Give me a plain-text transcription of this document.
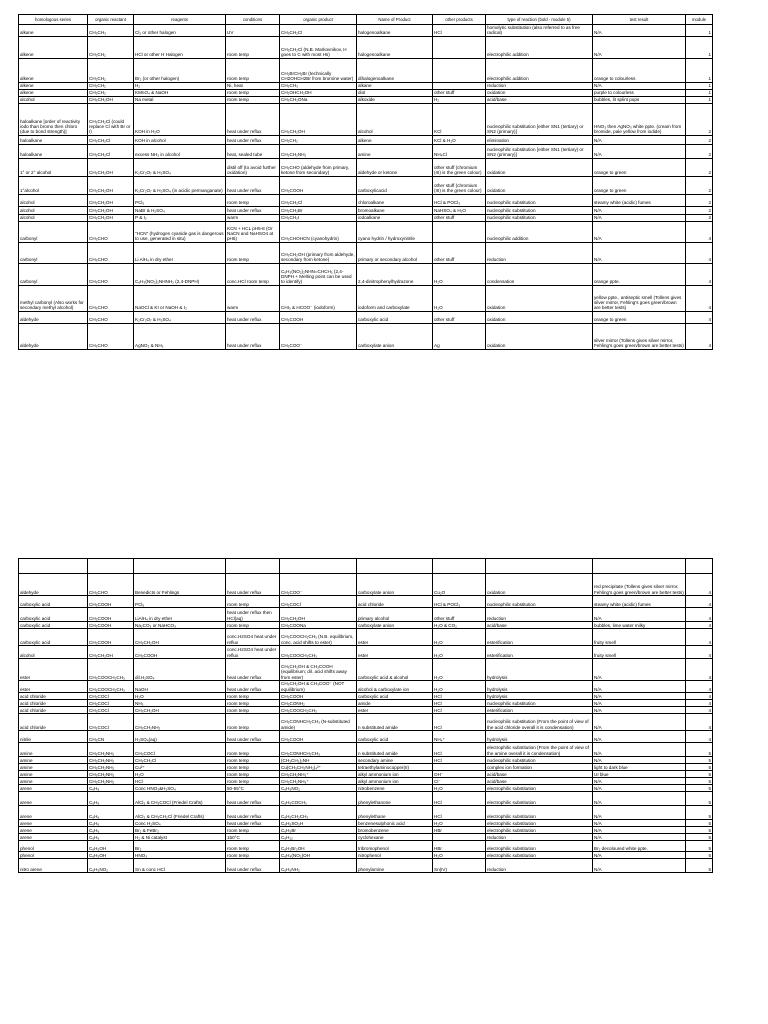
homologous series	organic reactant	reagents	conditions	organic product	Name of Product	other products	type of reaction (bold - module 5)	test result	module
alkane	CH₃CH₃	Cl₂ or other halogen	UV	CH₃CH₂Cl	halogenoalkane	HCl	homolytic substitution (also referred to as free radical)	N/A	1
alkene	CH₂CH₂	HCl or other H Halogen	room temp	CH₃CH₂Cl (N.B. Markovnikov, H goes to C with most Hs)	halogenoalkane		electrophilic addition	N/A	1
alkene	CH₂CH₂	Br₂ (or other halogen)	room temp	CH₂BrCH₂Br (technically CH2OHCH2Br from bromine water)	dihalogenoalkane		electrophilic addition	orange to colourless	1
alkene	CH₂CH₂	H₂	Ni, heat	CH₃CH₃	alkane		reduction	N/A	1
alkene	CH₂CH₂	KMnO₄ & NaOH	room temp	CH₂OHCH₂OH	diol	other stuff	oxidation	purple to colourless	1
alcohol	CH₃CH₂OH	Na metal	room temp	CH₃CH₂ONa	alkoxide	H₂	acid/base	bubbles, lit splint pops	1
haloalkane [order of reactivity iodo than bromo then chloro (due to bond strength)]	CH₃CH₂Cl (could replace Cl with Br or I)	KOH in H₂O	heat under reflux	CH₃CH₂OH	alcohol	KCl	nucleophilic substitution [either SN1 (tertiary) or SN2 (primary)]	HNO₃ then AgNO₃ white ppte. (cream from bromide, pale yellow from iodide)	2
haloalkane	CH₃CH₂Cl	KOH in alcohol	heat under reflux	CH₂CH₂	alkene	KCl & H₂O	elimination	N/A	2
haloalkane	CH₃CH₂Cl	excess NH₃ in alcohol	heat, sealed tube	CH₃CH₂NH₂	amine	NH₄Cl	nucleophilic substitution [either SN1 (tertiary) or SN2 (primary)]	N/A	2
1° or 2° alcohol	CH₃CH₂OH	K₂Cr₂O₇ & H₂SO₄	distil off (to avoid further oxidation)	CH₃CHO (aldehyde from primary, ketone from secondary)	aldehyde or ketone	other stuff (chromium (III) is the green colour)	oxidation	orange to green	2
1°alcohol	CH₃CH₂OH	K₂Cr₂O₇ & H₂SO₄ (in acidic permanganate)	heat under reflux	CH₃COOH	carboxylicacid	other stuff (chromium (III) is the green colour)	oxidation	orange to green	2
alcohol	CH₃CH₂OH	PCl₅	room temp	CH₃CH₂Cl	chloroalkane	HCl & POCl₃	nucleophilic substitution	steamy white (acidic) fumes	2
alcohol	CH₃CH₂OH	NaBr & H₂SO₄	heat under reflux	CH₃CH₂Br	bromoalkane	NaHSO₄ & H₂O	nucleophilic substitution	N/A	2
alcohol	CH₃CH₂OH	P & I₂	warm	CH₃CH₂I	iodoalkane	other stuff	nucleophilic substitution	N/A	2
carbonyl	CH₃CHO	"HCN" (hydrogen cyanide gas is dangerous to use, generated in situ)	KCN + HCL pH5-8 (Or NaCN and NaHSO4 at pH5)	CH₃CHOHCN (cyanohydrin)	cyano hydrin / hydroxynitrile		nucleophilic addition	N/A	4
carbonyl	CH₃CHO	Li AlH₄ in dry ether	room temp	CH₃CH₂OH (primary from aldehyde, secondary from ketone)	primary or secondary alcohol	other stuff	reduction	N/A	4
carbonyl	CH₃CHO	C₆H₃(NO₂)₂NHNH₂ (2,4-DNPH)	conc.HCl room temp	C₆H₃(NO₂)₂NHN=CHCH₃ (2,4-DNPH + Melting point can be used to identify)	2,4-dinitrophenylhydrazone	H₂O	condensation	orange ppte.	4
methyl carbonyl (Also works for secondary methyl alcohol)	CH₃CHO	NaOCl & KI or NaOH & I₂	warm	CHI₃ & HCOO⁻ (iodoform)	iodoform and carboxylate	H₂O	oxidation	yellow ppte., antiseptic smell (Tollens gives silver mirror, Fehling's goes green/brown are better tests)	4
aldehyde	CH₃CHO	K₂Cr₂O₇ & H₂SO₄	heat under reflux	CH₃COOH	carboxylic acid	other stuff	oxidation	orange to green	4
aldehyde	CH₃CHO	AgNO₃ & NH₃	heat under reflux	CH₃COO⁻	carboxylate anion	Ag	oxidation	silver mirror (Tollens gives silver mirror, Fehling's goes green/brown are better tests)	4

aldehyde	CH₃CHO	Benedicts or Fehlings	heat under reflux	CH₃COO⁻	carboxylate anion	Cu₂O	oxidation	red precipitate (Tollens gives silver mirror, Fehling's goes green/brown are better tests)	4
carboxylic acid	CH₃COOH	PCl₅	room temp	CH₃COCl	acid chloride	HCl & POCl₃	nucleophilic substitution	steamy white (acidic) fumes	4
carboxylic acid	CH₃COOH	LiAlH₄ in dry ether	heat under reflux then HCl(aq)	CH₃CH₂OH	primary alcohol	other stuff	reduction	N/A	4
carboxylic acid	CH₃COOH	Na₂CO₃ or NaHCO₃	room temp	CH₃COONa	carboxylate anion	H₂O & CO₂	acid/base	bubbles, lime water milky	4
carboxylic acid	CH₃COOH	CH₃CH₂OH	conc.H2SO4 heat under reflux	CH₃COOCH₂CH₃ (N.B. equilibrium, conc. acid shifts to ester)	ester	H₂O	esterification	fruity smell	4
alcohol	CH₃CH₂OH	CH₃COOH	conc.H2SO4 heat under reflux	CH₃COOCH₂CH₃	ester	H₂O	esterification	fruity smell	4
ester	CH₃COOCH₂CH₃	dil.H₂SO₄	heat under reflux	CH₃CH₂OH & CH₃COOH (equilibrium; dil. acid shifts away from ester)	carboxylic acid & alcohol	H₂O	hydrolysis	N/A	4
ester	CH₃COOCH₂CH₃	NaOH	heat under reflux	CH₃CH₂OH & CH₃COO⁻ (NOT equilibrium)	alcohol & carboxylate ion	H₂O	hydrolysis	N/A	4
acid chloride	CH₃COCl	H₂O	room temp	CH₃COOH	carboxylic acid	HCl	hydrolysis	N/A	4
acid chloride	CH₃COCl	NH₃	room temp	CH₃CONH₂	amide	HCl	nucleophilic substitution	N/A	4
acid chloride	CH₃COCl	CH₃CH₂OH	room temp	CH₃COOCH₂CH₃	ester	HCl	esterification	N/A	4
acid chloride	CH₃COCl	CH₃CH₂NH₂	room temp	CH₃CONHCH₂CH₃ (N-substituted amide)	n substituted amide	HCl	nucleophilic substitution (From the point of view of the acid chloride overall it is condensation)	N/A	4
nitrile	CH₃CN	H₂SO₄(aq)	heat under reflux	CH₃COOH	carboxylic acid	NH₄⁺	hydrolysis	N/A	4
amine	CH₃CH₂NH₂	CH₃COCl	room temp	CH₃CONHCH₂CH₃	n substituted amide	HCl	electrophilic substitution (From the point of view of the amine overall it is condensation)	N/A	5
amine	CH₃CH₂NH₂	CH₃CH₂Cl	room temp	(CH₃CH₂)₂NH	secondary amine	HCl	nucleophilic substitution	N/A	5
amine	CH₃CH₂NH₂	Cu²⁺	room temp	Cu(CH₃CH₂NH₂)₄²⁺	tetraethylaminocopper(II)		complex ion formation	light to dark blue	5
amine	CH₃CH₂NH₂	H₂O	room temp	CH₃CH₂NH₃⁺	alkyl ammonium ion	OH⁻	acid/base	UI blue	5
amine	CH₃CH₂NH₂	HCl	room temp	CH₃CH₂NH₃⁺	alkyl ammonium ion	Cl⁻	acid/base	N/A	5
arene	C₆H₆	Conc HNO₃&H₂SO₄	50-55°C	C₆H₅NO₂	nitrobenzene	H₂O	electrophilic substitution	N/A	5
arene	C₆H₆	AlCl₃ & CH₃COCl (Friedel Crafts)	heat under reflux	C₆H₅COCH₃	phenylethanone	HCl	electrophilic substitution	N/A	5
arene	C₆H₆	AlCl₃ & CH₃CH₂Cl (Friedel Crafts)	heat under reflux	C₆H₅CH₂CH₃	phenylethane	HCl	electrophilic substitution	N/A	5
arene	C₆H₆	Conc H₂SO₄	heat under reflux	C₆H₅SO₃H	benzenesulphonic acid	H₂O	electrophilic substitution	N/A	5
arene	C₆H₆	Br₂ & FeBr₃	room temp	C₆H₅Br	bromobenzene	HBr	electrophilic substitution	N/A	5
arene	C₆H₆	H₂ & Ni catalyst	150°C	C₆H₁₂	cyclohexane		reduction	N/A	5
phenol	C₆H₅OH	Br₂	room temp	C₆H₂Br₃OH	tribromophenol	HBr	electrophilic substitution	Br₂ decoloured white ppte.	5
phenol	C₆H₅OH	HNO₃	room temp	C₆H₄(NO₂)OH	nitrophenol	H₂O	electrophilic substitution	N/A	5
nitro arene	C₆H₅NO₂	Sn & conc HCl	heat under reflux	C₆H₅NH₂	phenylamine	Sn(IV)	reduction	N/A	5
